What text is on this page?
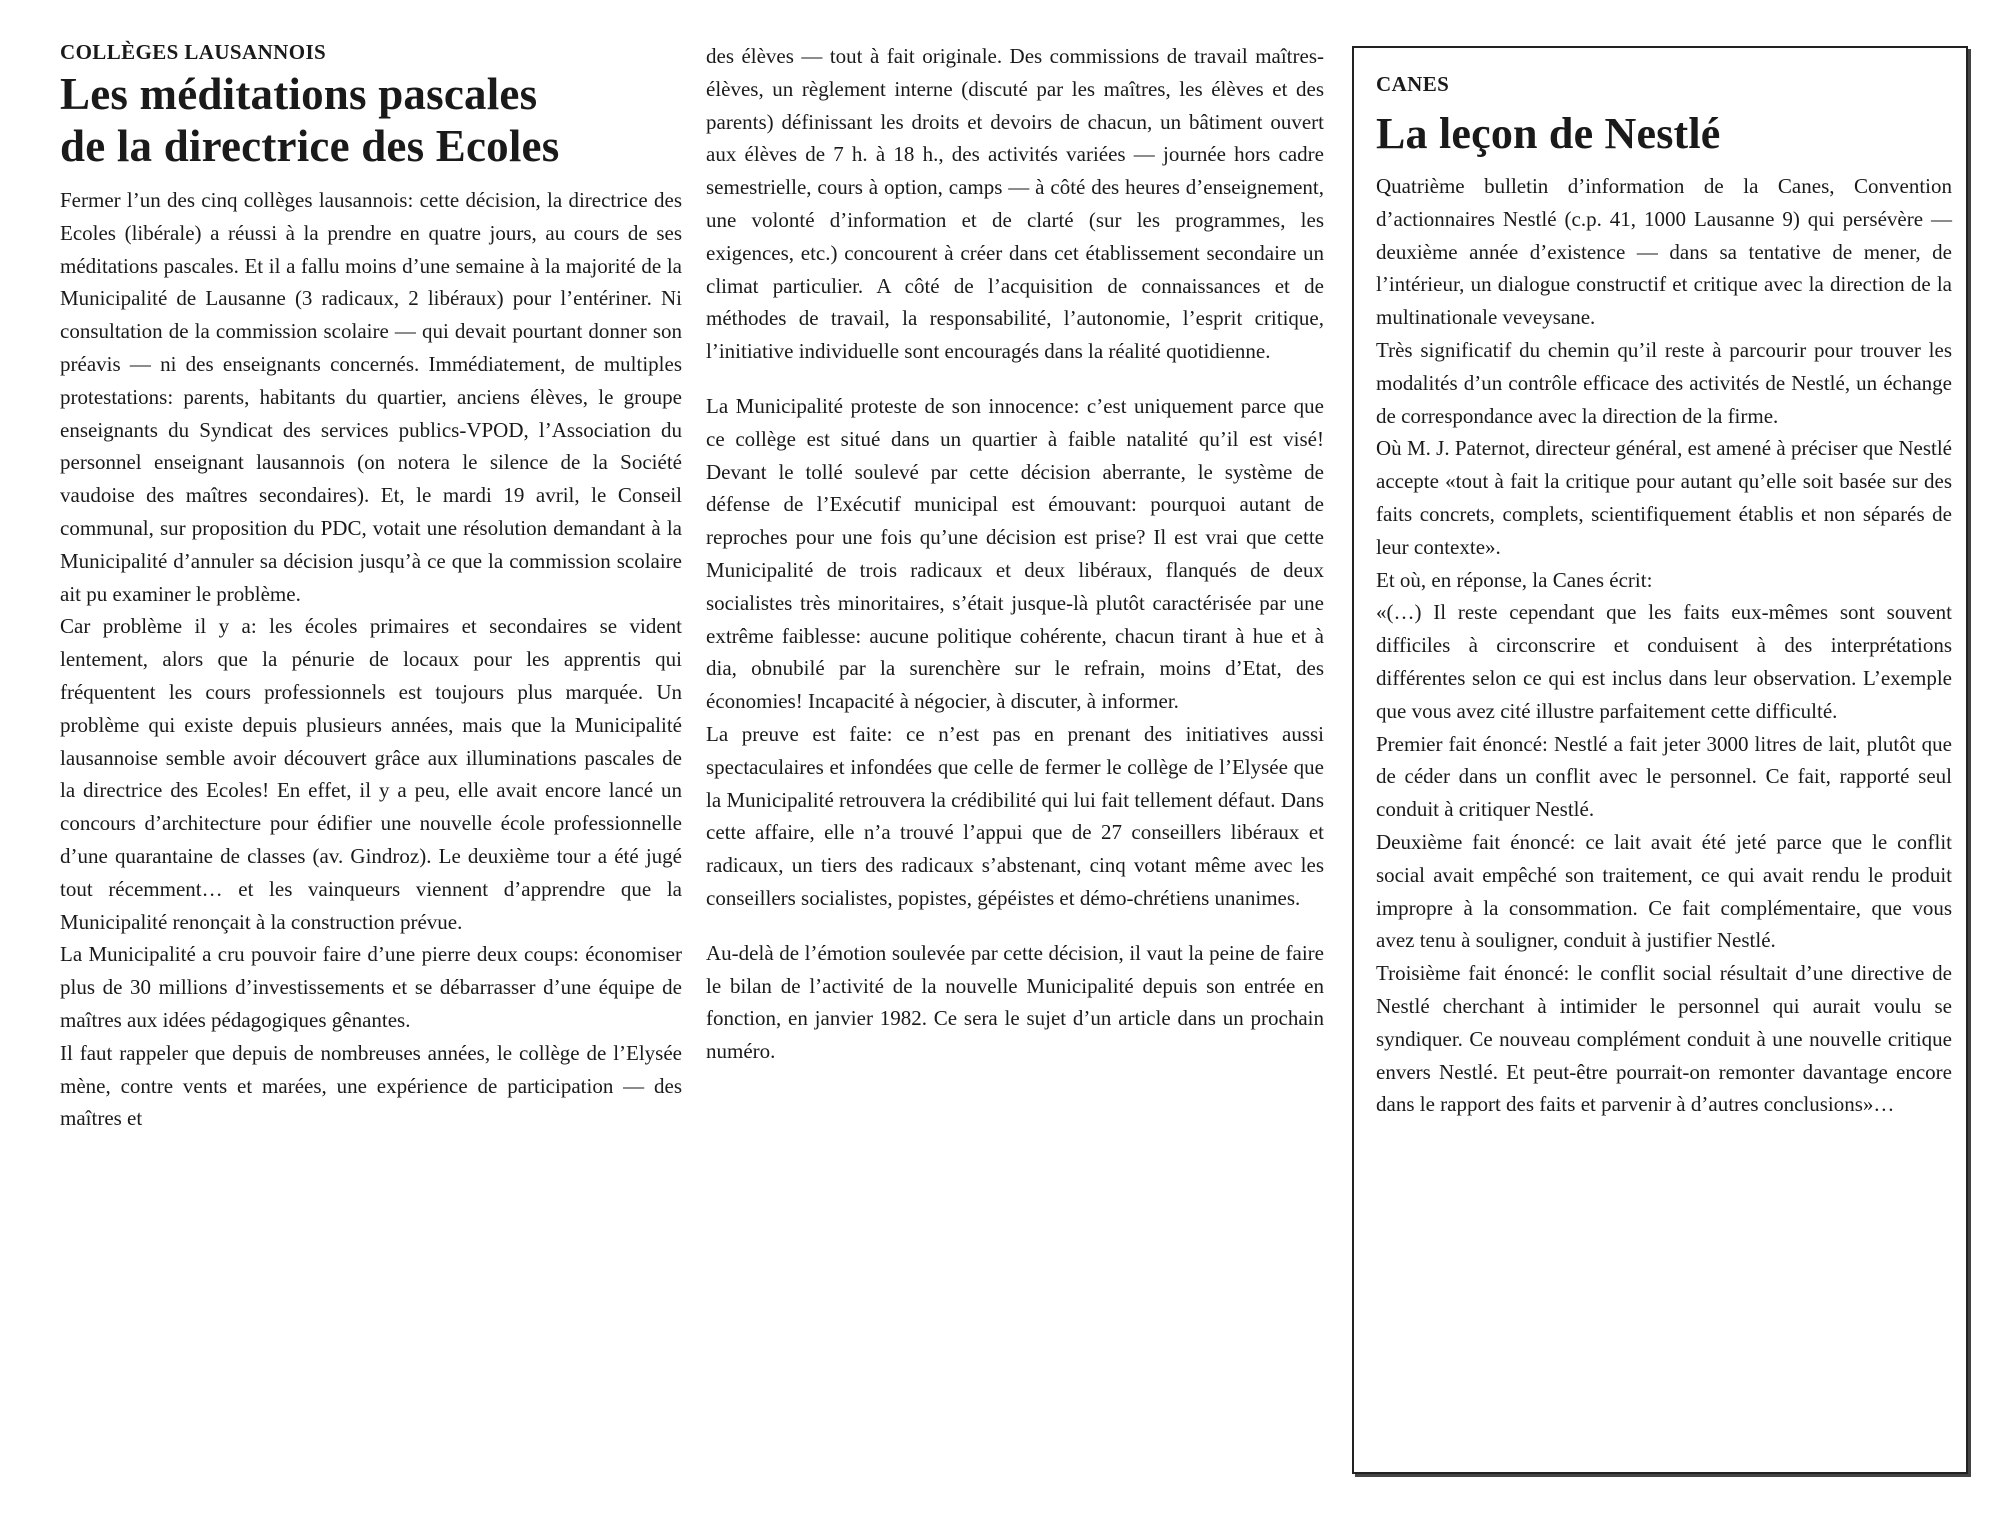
COLLÈGES LAUSANNOIS

Les méditations pascales
de la directrice des Ecoles

Fermer l’un des cinq collèges lausannois: cette décision, la directrice des Ecoles (libérale) a réussi à la prendre en quatre jours, au cours de ses méditations pascales. Et il a fallu moins d’une semaine à la majorité de la Municipalité de Lausanne (3 radicaux, 2 libéraux) pour l’entériner. Ni consultation de la commission scolaire — qui devait pourtant donner son préavis — ni des enseignants concernés. Immédiatement, de multiples protestations: parents, habitants du quartier, anciens élèves, le groupe enseignants du Syndicat des services publics-VPOD, l’Association du personnel enseignant lausannois (on notera le silence de la Société vaudoise des maîtres secondaires). Et, le mardi 19 avril, le Conseil communal, sur proposition du PDC, votait une résolution demandant à la Municipalité d’annuler sa décision jusqu’à ce que la commission scolaire ait pu examiner le problème.

Car problème il y a: les écoles primaires et secondaires se vident lentement, alors que la pénurie de locaux pour les apprentis qui fréquentent les cours professionnels est toujours plus marquée. Un problème qui existe depuis plusieurs années, mais que la Municipalité lausannoise semble avoir découvert grâce aux illuminations pascales de la directrice des Ecoles! En effet, il y a peu, elle avait encore lancé un concours d’architecture pour édifier une nouvelle école professionnelle d’une quarantaine de classes (av. Gindroz). Le deuxième tour a été jugé tout récemment… et les vainqueurs viennent d’apprendre que la Municipalité renonçait à la construction prévue.

La Municipalité a cru pouvoir faire d’une pierre deux coups: économiser plus de 30 millions d’investissements et se débarrasser d’une équipe de maîtres aux idées pédagogiques gênantes.

Il faut rappeler que depuis de nombreuses années, le collège de l’Elysée mène, contre vents et marées, une expérience de participation — des maîtres et

des élèves — tout à fait originale. Des commissions de travail maîtres-élèves, un règlement interne (discuté par les maîtres, les élèves et des parents) définissant les droits et devoirs de chacun, un bâtiment ouvert aux élèves de 7 h. à 18 h., des activités variées — journée hors cadre semestrielle, cours à option, camps — à côté des heures d’enseignement, une volonté d’information et de clarté (sur les programmes, les exigences, etc.) concourent à créer dans cet établissement secondaire un climat particulier. A côté de l’acquisition de connaissances et de méthodes de travail, la responsabilité, l’autonomie, l’esprit critique, l’initiative individuelle sont encouragés dans la réalité quotidienne.

La Municipalité proteste de son innocence: c’est uniquement parce que ce collège est situé dans un quartier à faible natalité qu’il est visé! Devant le tollé soulevé par cette décision aberrante, le système de défense de l’Exécutif municipal est émouvant: pourquoi autant de reproches pour une fois qu’une décision est prise? Il est vrai que cette Municipalité de trois radicaux et deux libéraux, flanqués de deux socialistes très minoritaires, s’était jusque-là plutôt caractérisée par une extrême faiblesse: aucune politique cohérente, chacun tirant à hue et à dia, obnubilé par la surenchère sur le refrain, moins d’Etat, des économies! Incapacité à négocier, à discuter, à informer.

La preuve est faite: ce n’est pas en prenant des initiatives aussi spectaculaires et infondées que celle de fermer le collège de l’Elysée que la Municipalité retrouvera la crédibilité qui lui fait tellement défaut. Dans cette affaire, elle n’a trouvé l’appui que de 27 conseillers libéraux et radicaux, un tiers des radicaux s’abstenant, cinq votant même avec les conseillers socialistes, popistes, gépéistes et démo-chrétiens unanimes.

Au-delà de l’émotion soulevée par cette décision, il vaut la peine de faire le bilan de l’activité de la nouvelle Municipalité depuis son entrée en fonction, en janvier 1982. Ce sera le sujet d’un article dans un prochain numéro.

CANES

La leçon de Nestlé

Quatrième bulletin d’information de la Canes, Convention d’actionnaires Nestlé (c.p. 41, 1000 Lausanne 9) qui persévère — deuxième année d’existence — dans sa tentative de mener, de l’intérieur, un dialogue constructif et critique avec la direction de la multinationale veveysane.

Très significatif du chemin qu’il reste à parcourir pour trouver les modalités d’un contrôle efficace des activités de Nestlé, un échange de correspondance avec la direction de la firme.

Où M. J. Paternot, directeur général, est amené à préciser que Nestlé accepte «tout à fait la critique pour autant qu’elle soit basée sur des faits concrets, complets, scientifiquement établis et non séparés de leur contexte».

Et où, en réponse, la Canes écrit:

«(…) Il reste cependant que les faits eux-mêmes sont souvent difficiles à circonscrire et conduisent à des interprétations différentes selon ce qui est inclus dans leur observation. L’exemple que vous avez cité illustre parfaitement cette difficulté.

Premier fait énoncé: Nestlé a fait jeter 3000 litres de lait, plutôt que de céder dans un conflit avec le personnel. Ce fait, rapporté seul conduit à critiquer Nestlé.

Deuxième fait énoncé: ce lait avait été jeté parce que le conflit social avait empêché son traitement, ce qui avait rendu le produit impropre à la consommation. Ce fait complémentaire, que vous avez tenu à souligner, conduit à justifier Nestlé.

Troisième fait énoncé: le conflit social résultait d’une directive de Nestlé cherchant à intimider le personnel qui aurait voulu se syndiquer. Ce nouveau complément conduit à une nouvelle critique envers Nestlé. Et peut-être pourrait-on remonter davantage encore dans le rapport des faits et parvenir à d’autres conclusions»…
